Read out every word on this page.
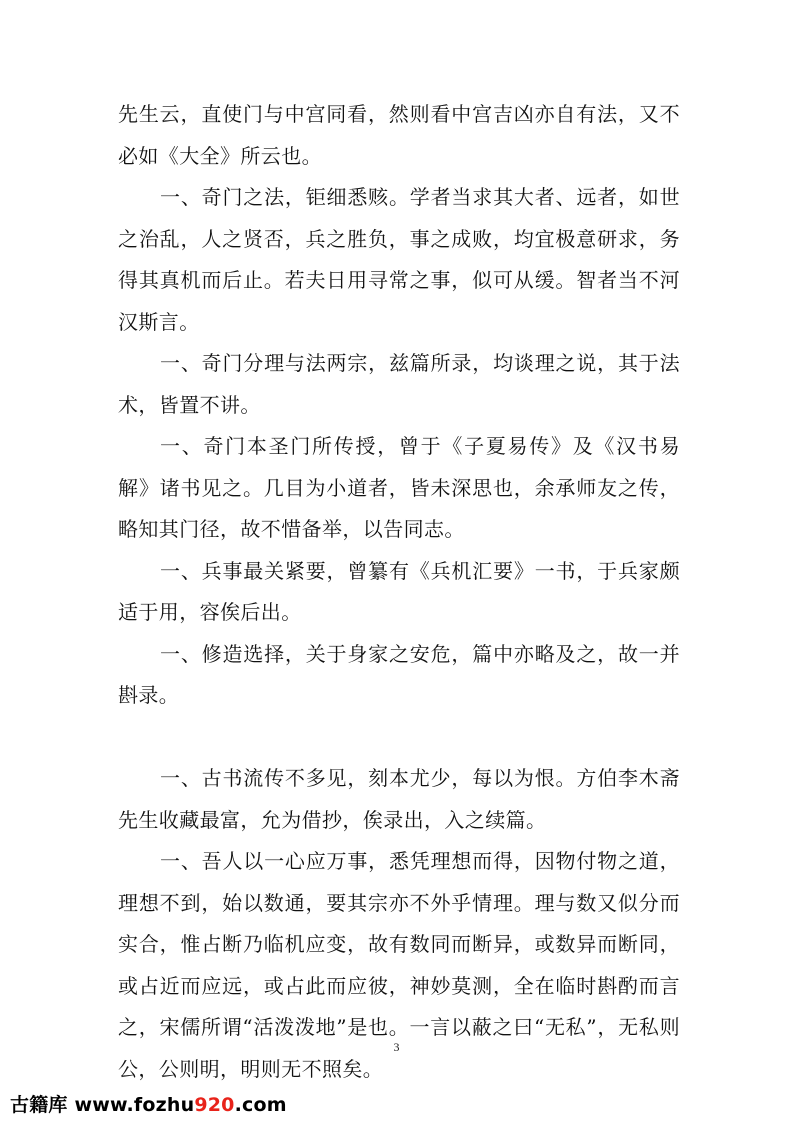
先生云，直使门与中宫同看，然则看中宫吉凶亦自有法，又不必如《大全》所云也。

一、奇门之法，钜细悉赅。学者当求其大者、远者，如世之治乱，人之贤否，兵之胜负，事之成败，均宜极意研求，务得其真机而后止。若夫日用寻常之事，似可从缓。智者当不河汉斯言。

一、奇门分理与法两宗，兹篇所录，均谈理之说，其于法术，皆置不讲。

一、奇门本圣门所传授，曾于《子夏易传》及《汉书易解》诸书见之。几目为小道者，皆未深思也，余承师友之传，略知其门径，故不惜备举，以告同志。

一、兵事最关紧要，曾纂有《兵机汇要》一书，于兵家颇适于用，容俟后出。

一、修造选择，关于身家之安危，篇中亦略及之，故一并斟录。

一、古书流传不多见，刻本尤少，每以为恨。方伯李木斋先生收藏最富，允为借抄，俟录出，入之续篇。

一、吾人以一心应万事，悉凭理想而得，因物付物之道，理想不到，始以数通，要其宗亦不外乎情理。理与数又似分而实合，惟占断乃临机应变，故有数同而断异，或数异而断同，或占近而应远，或占此而应彼，神妙莫测，全在临时斟酌而言之，宋儒所谓“活泼泼地”是也。一言以蔽之曰“无私”，无私则公，公则明，明则无不照矣。

3
古籍库 www.fozhu920.com
